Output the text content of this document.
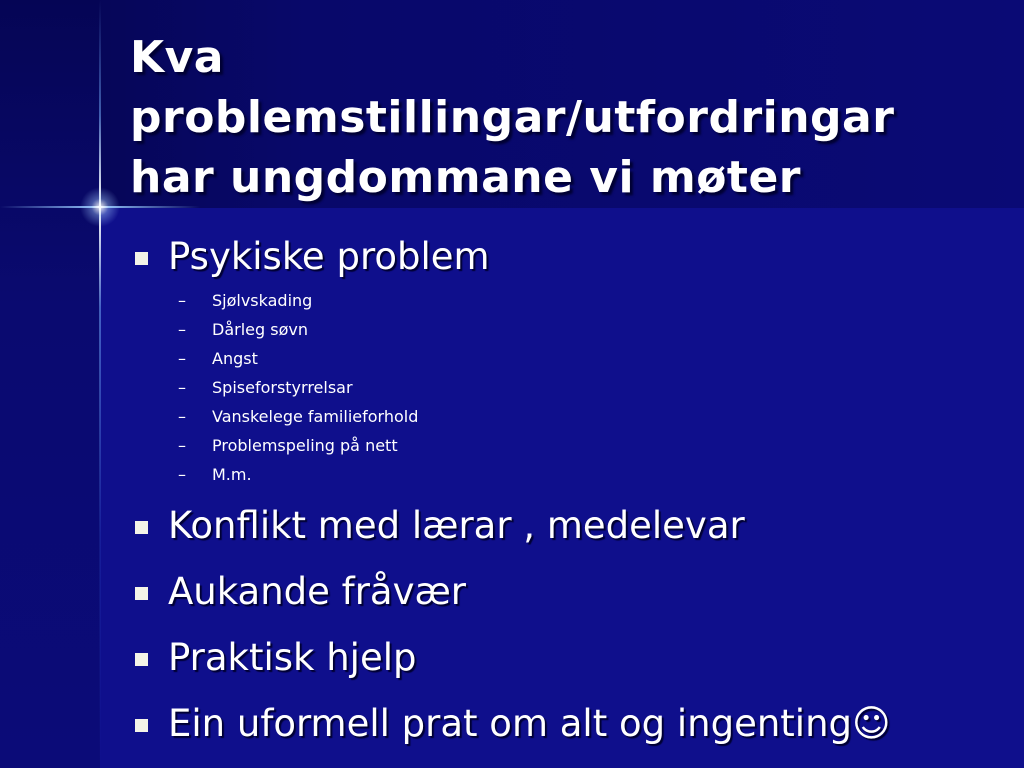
Kva
problemstillingar/utfordringar
har ungdommane vi møter
Psykiske problem
– Sjølvskading
– Dårleg søvn
– Angst
– Spiseforstyrrelsar
– Vanskelege familieforhold
– Problemspeling på nett
– M.m.
Konflikt med lærar , medelevar
Aukande fråvær
Praktisk hjelp
Ein uformell prat om alt og ingenting☺
